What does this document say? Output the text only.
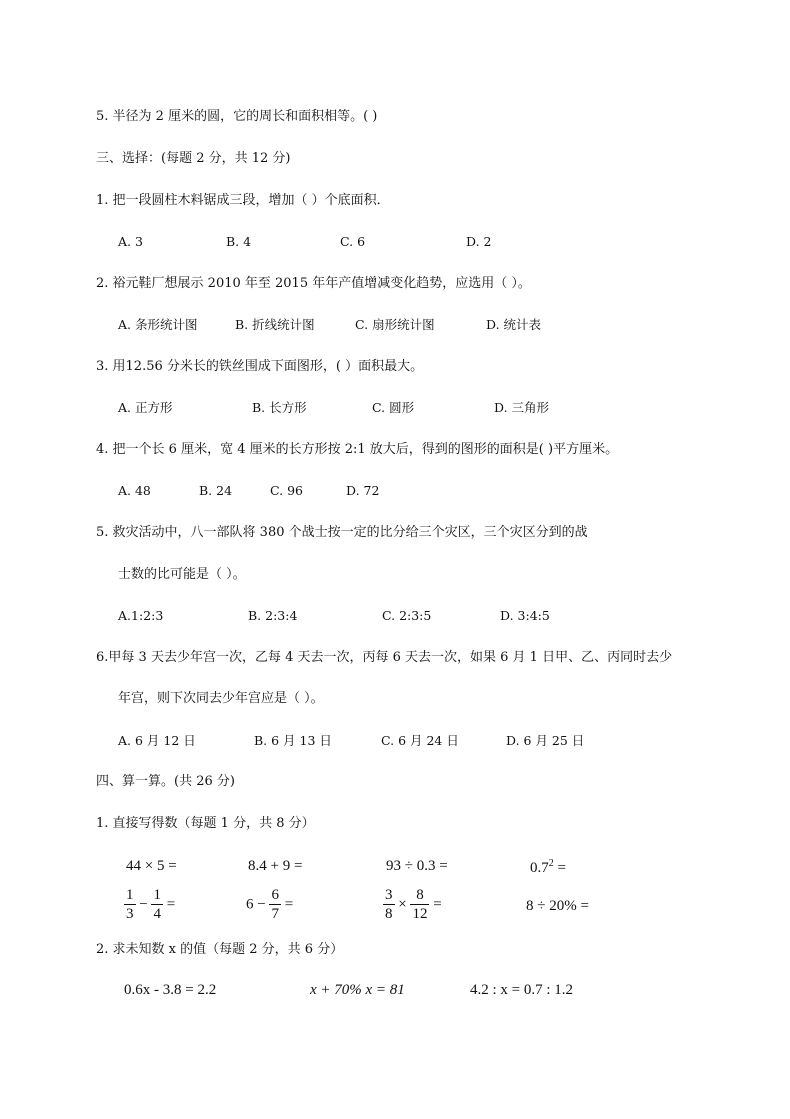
5. 半径为 2 厘米的圆，它的周长和面积相等。( )
三、选择：(每题 2 分，共 12 分)
1. 把一段圆柱木料锯成三段，增加（ ）个底面积．
A. 3	B. 4	C. 6	D. 2
2. 裕元鞋厂想展示 2010 年至 2015 年年产值增减变化趋势，应选用（ ）。
A. 条形统计图	B. 折线统计图	C. 扇形统计图	D. 统计表
3. 用12.56 分米长的铁丝围成下面图形，( ）面积最大。
A. 正方形	B. 长方形	C. 圆形	D. 三角形
4. 把一个长 6 厘米，宽 4 厘米的长方形按 2:1 放大后，得到的图形的面积是( )平方厘米。
A. 48	B. 24	C. 96	D. 72
5. 救灾活动中，八一部队将 380 个战士按一定的比分给三个灾区，三个灾区分到的战
士数的比可能是（ ）。
A.1:2:3	B. 2:3:4	C. 2:3:5	D. 3:4:5
6.甲每 3 天去少年宫一次，乙每 4 天去一次，丙每 6 天去一次，如果 6 月 1 日甲、乙、丙同时去少
年宫，则下次同去少年宫应是（ ）。
A. 6 月 12 日	B. 6 月 13 日	C. 6 月 24 日	D. 6 月 25 日
四、算一算。(共 26 分)
1. 直接写得数（每题 1 分，共 8 分）
44 × 5 =	8.4 + 9 =	93 ÷ 0.3 =	$0.7^2$ =
$\frac{1}{3} - \frac{1}{4}$ =	$6 - \frac{6}{7}$ =	$\frac{3}{8} \times \frac{8}{12}$ =	8 ÷ 20% =
2. 求未知数 x 的值（每题 2 分，共 6 分）
0.6x - 3.8 = 2.2	x + 70% x = 81	4.2 : x = 0.7 : 1.2
